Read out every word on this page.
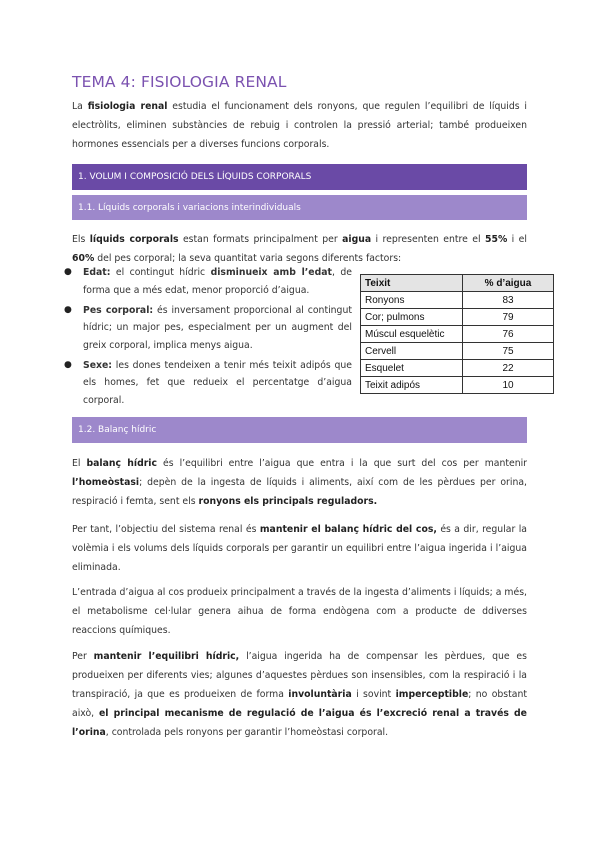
TEMA 4: FISIOLOGIA RENAL
La fisiologia renal estudia el funcionament dels ronyons, que regulen l’equilibri de líquids i electròlits, eliminen substàncies de rebuig i controlen la pressió arterial; també produeixen hormones essencials per a diverses funcions corporals.
1. VOLUM I COMPOSICIÓ DELS LÍQUIDS CORPORALS
1.1. Líquids corporals i variacions interindividuals
Els líquids corporals estan formats principalment per aigua i representen entre el 55% i el 60% del pes corporal; la seva quantitat varia segons diferents factors:
● Edat: el contingut hídric disminueix amb l’edat, de forma que a més edat, menor proporció d’aigua.
● Pes corporal: és inversament proporcional al contingut hídric; un major pes, especialment per un augment del greix corporal, implica menys aigua.
● Sexe: les dones tendeixen a tenir més teixit adipós que els homes, fet que redueix el percentatge d’aigua corporal.
Teixit	% d’aigua
Ronyons	83
Cor; pulmons	79
Múscul esquelètic	76
Cervell	75
Esquelet	22
Teixit adipós	10
1.2. Balanç hídric
El balanç hídric és l’equilibri entre l’aigua que entra i la que surt del cos per mantenir l’homeòstasi; depèn de la ingesta de líquids i aliments, així com de les pèrdues per orina, respiració i femta, sent els ronyons els principals reguladors.
Per tant, l’objectiu del sistema renal és mantenir el balanç hídric del cos, és a dir, regular la volèmia i els volums dels líquids corporals per garantir un equilibri entre l’aigua ingerida i l’aigua eliminada.
L’entrada d’aigua al cos produeix principalment a través de la ingesta d’aliments i líquids; a més, el metabolisme cel·lular genera aihua de forma endògena com a producte de ddiverses reaccions químiques.
Per mantenir l’equilibri hídric, l’aigua ingerida ha de compensar les pèrdues, que es produeixen per diferents vies; algunes d’aquestes pèrdues son insensibles, com la respiració i la transpiració, ja que es produeixen de forma involuntària i sovint imperceptible; no obstant això, el principal mecanisme de regulació de l’aigua és l’excreció renal a través de l’orina, controlada pels ronyons per garantir l’homeòstasi corporal.
